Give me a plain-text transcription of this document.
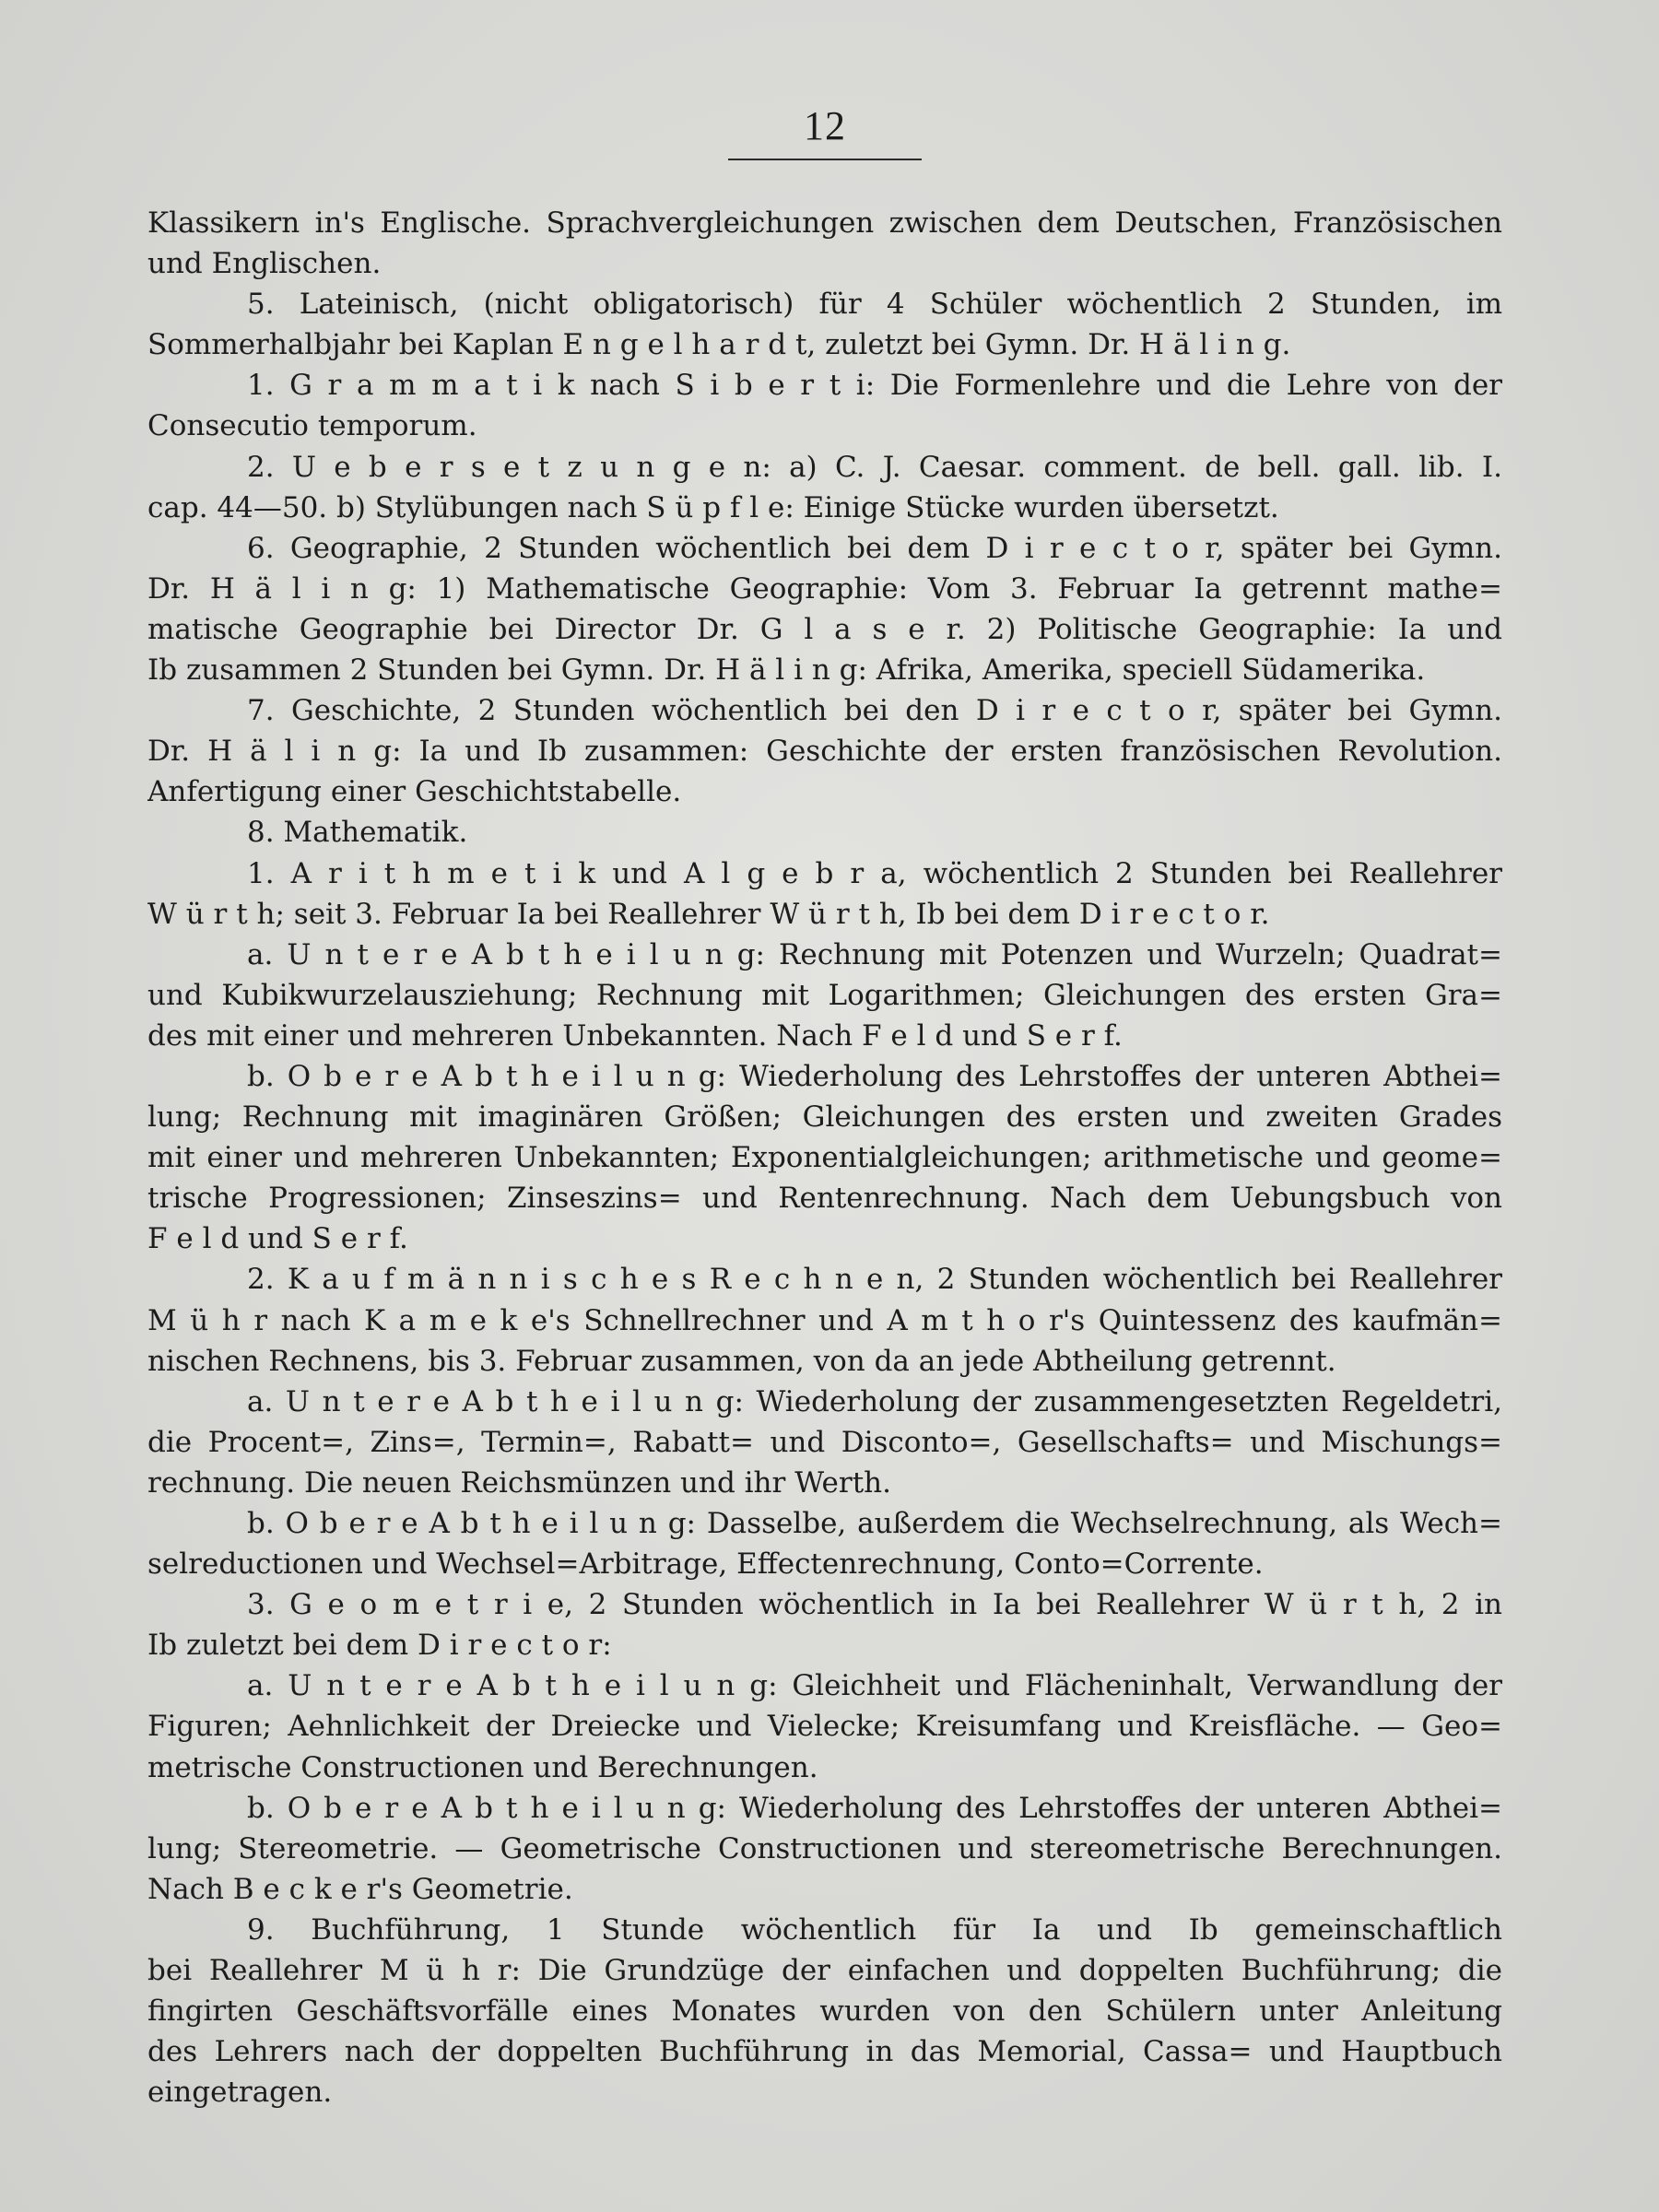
12
Klassikern in's Englische. Sprachvergleichungen zwischen dem Deutschen, Französischen
und Englischen.
5. Lateinisch, (nicht obligatorisch) für 4 Schüler wöchentlich 2 Stunden, im
Sommerhalbjahr bei Kaplan E n g e l h a r d t, zuletzt bei Gymn. Dr. H ä l i n g.
1. G r a m m a t i k nach S i b e r t i: Die Formenlehre und die Lehre von der
Consecutio temporum.
2. U e b e r s e t z u n g e n: a) C. J. Caesar. comment. de bell. gall. lib. I.
cap. 44—50. b) Stylübungen nach S ü p f l e: Einige Stücke wurden übersetzt.
6. Geographie, 2 Stunden wöchentlich bei dem D i r e c t o r, später bei Gymn.
Dr. H ä l i n g: 1) Mathematische Geographie: Vom 3. Februar Ia getrennt mathe=
matische Geographie bei Director Dr. G l a s e r. 2) Politische Geographie: Ia und
Ib zusammen 2 Stunden bei Gymn. Dr. H ä l i n g: Afrika, Amerika, speciell Südamerika.
7. Geschichte, 2 Stunden wöchentlich bei den D i r e c t o r, später bei Gymn.
Dr. H ä l i n g: Ia und Ib zusammen: Geschichte der ersten französischen Revolution.
Anfertigung einer Geschichtstabelle.
8. Mathematik.
1. A r i t h m e t i k und A l g e b r a, wöchentlich 2 Stunden bei Reallehrer
W ü r t h; seit 3. Februar Ia bei Reallehrer W ü r t h, Ib bei dem D i r e c t o r.
a. U n t e r e A b t h e i l u n g: Rechnung mit Potenzen und Wurzeln; Quadrat=
und Kubikwurzelausziehung; Rechnung mit Logarithmen; Gleichungen des ersten Gra=
des mit einer und mehreren Unbekannten. Nach F e l d und S e r f.
b. O b e r e A b t h e i l u n g: Wiederholung des Lehrstoffes der unteren Abthei=
lung; Rechnung mit imaginären Größen; Gleichungen des ersten und zweiten Grades
mit einer und mehreren Unbekannten; Exponentialgleichungen; arithmetische und geome=
trische Progressionen; Zinseszins= und Rentenrechnung. Nach dem Uebungsbuch von
F e l d und S e r f.
2. K a u f m ä n n i s c h e s R e c h n e n, 2 Stunden wöchentlich bei Reallehrer
M ü h r nach K a m e k e's Schnellrechner und A m t h o r's Quintessenz des kaufmän=
nischen Rechnens, bis 3. Februar zusammen, von da an jede Abtheilung getrennt.
a. U n t e r e A b t h e i l u n g: Wiederholung der zusammengesetzten Regeldetri,
die Procent=, Zins=, Termin=, Rabatt= und Disconto=, Gesellschafts= und Mischungs=
rechnung. Die neuen Reichsmünzen und ihr Werth.
b. O b e r e A b t h e i l u n g: Dasselbe, außerdem die Wechselrechnung, als Wech=
selreductionen und Wechsel=Arbitrage, Effectenrechnung, Conto=Corrente.
3. G e o m e t r i e, 2 Stunden wöchentlich in Ia bei Reallehrer W ü r t h, 2 in
Ib zuletzt bei dem D i r e c t o r:
a. U n t e r e A b t h e i l u n g: Gleichheit und Flächeninhalt, Verwandlung der
Figuren; Aehnlichkeit der Dreiecke und Vielecke; Kreisumfang und Kreisfläche. — Geo=
metrische Constructionen und Berechnungen.
b. O b e r e A b t h e i l u n g: Wiederholung des Lehrstoffes der unteren Abthei=
lung; Stereometrie. — Geometrische Constructionen und stereometrische Berechnungen.
Nach B e c k e r's Geometrie.
9. Buchführung, 1 Stunde wöchentlich für Ia und Ib gemeinschaftlich
bei Reallehrer M ü h r: Die Grundzüge der einfachen und doppelten Buchführung; die
fingirten Geschäftsvorfälle eines Monates wurden von den Schülern unter Anleitung
des Lehrers nach der doppelten Buchführung in das Memorial, Cassa= und Hauptbuch
eingetragen.
